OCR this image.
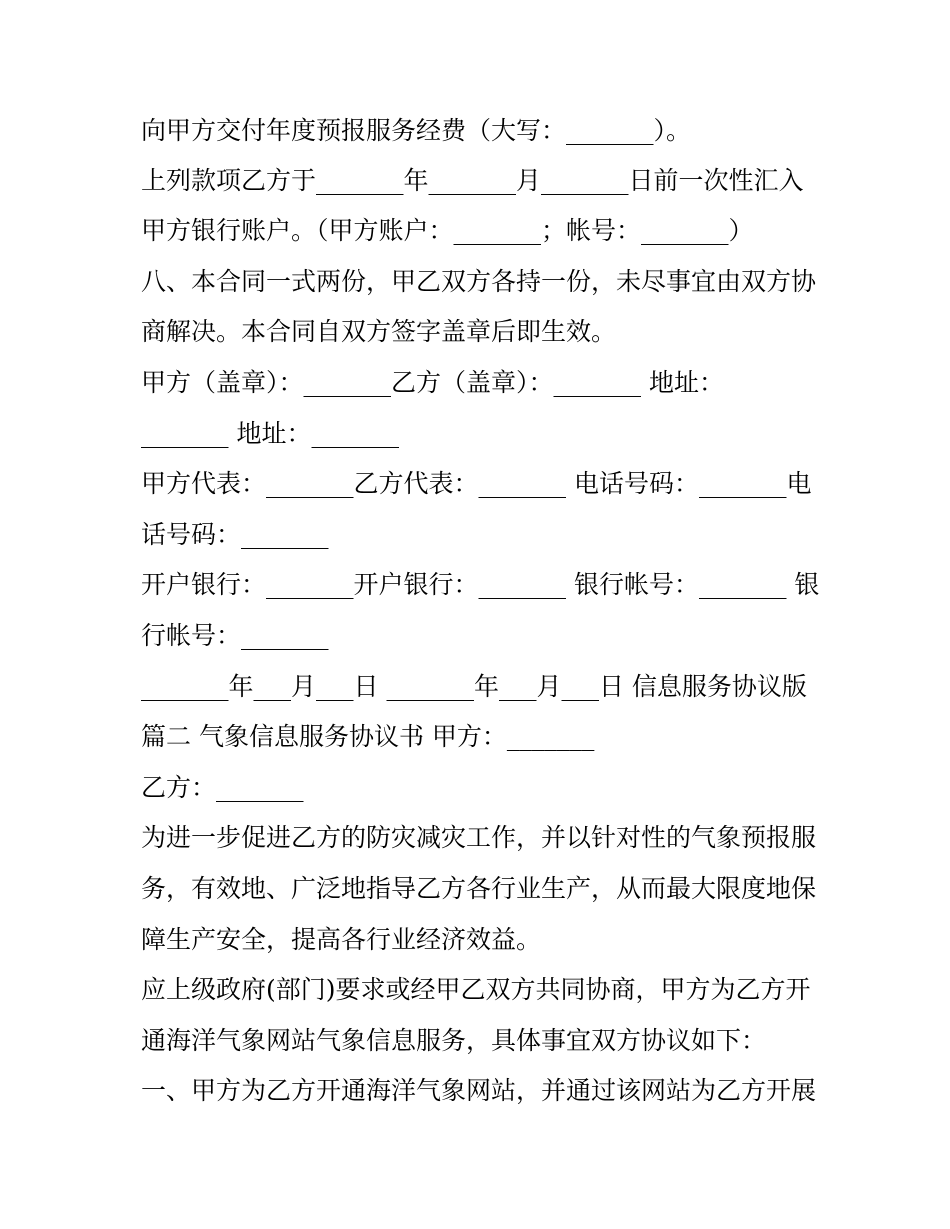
向甲方交付年度预报服务经费（大写：_______）。

上列款项乙方于_______年_______月_______日前一次性汇入

甲方银行账户。（甲方账户：_______；帐号：_______）

八、本合同一式两份，甲乙双方各持一份，未尽事宜由双方协

商解决。本合同自双方签字盖章后即生效。

甲方（盖章）：_______乙方（盖章）：_______ 地址：

_______ 地址：_______

甲方代表：_______乙方代表：_______ 电话号码：_______电

话号码：_______

开户银行：_______开户银行：_______ 银行帐号：_______ 银

行帐号：_______

_______年___月___日 _______年___月___日 信息服务协议版

篇二 气象信息服务协议书 甲方：_______

乙方：_______

为进一步促进乙方的防灾减灾工作，并以针对性的气象预报服

务，有效地、广泛地指导乙方各行业生产，从而最大限度地保

障生产安全，提高各行业经济效益。

应上级政府(部门)要求或经甲乙双方共同协商，甲方为乙方开

通海洋气象网站气象信息服务，具体事宜双方协议如下：

一、甲方为乙方开通海洋气象网站，并通过该网站为乙方开展
